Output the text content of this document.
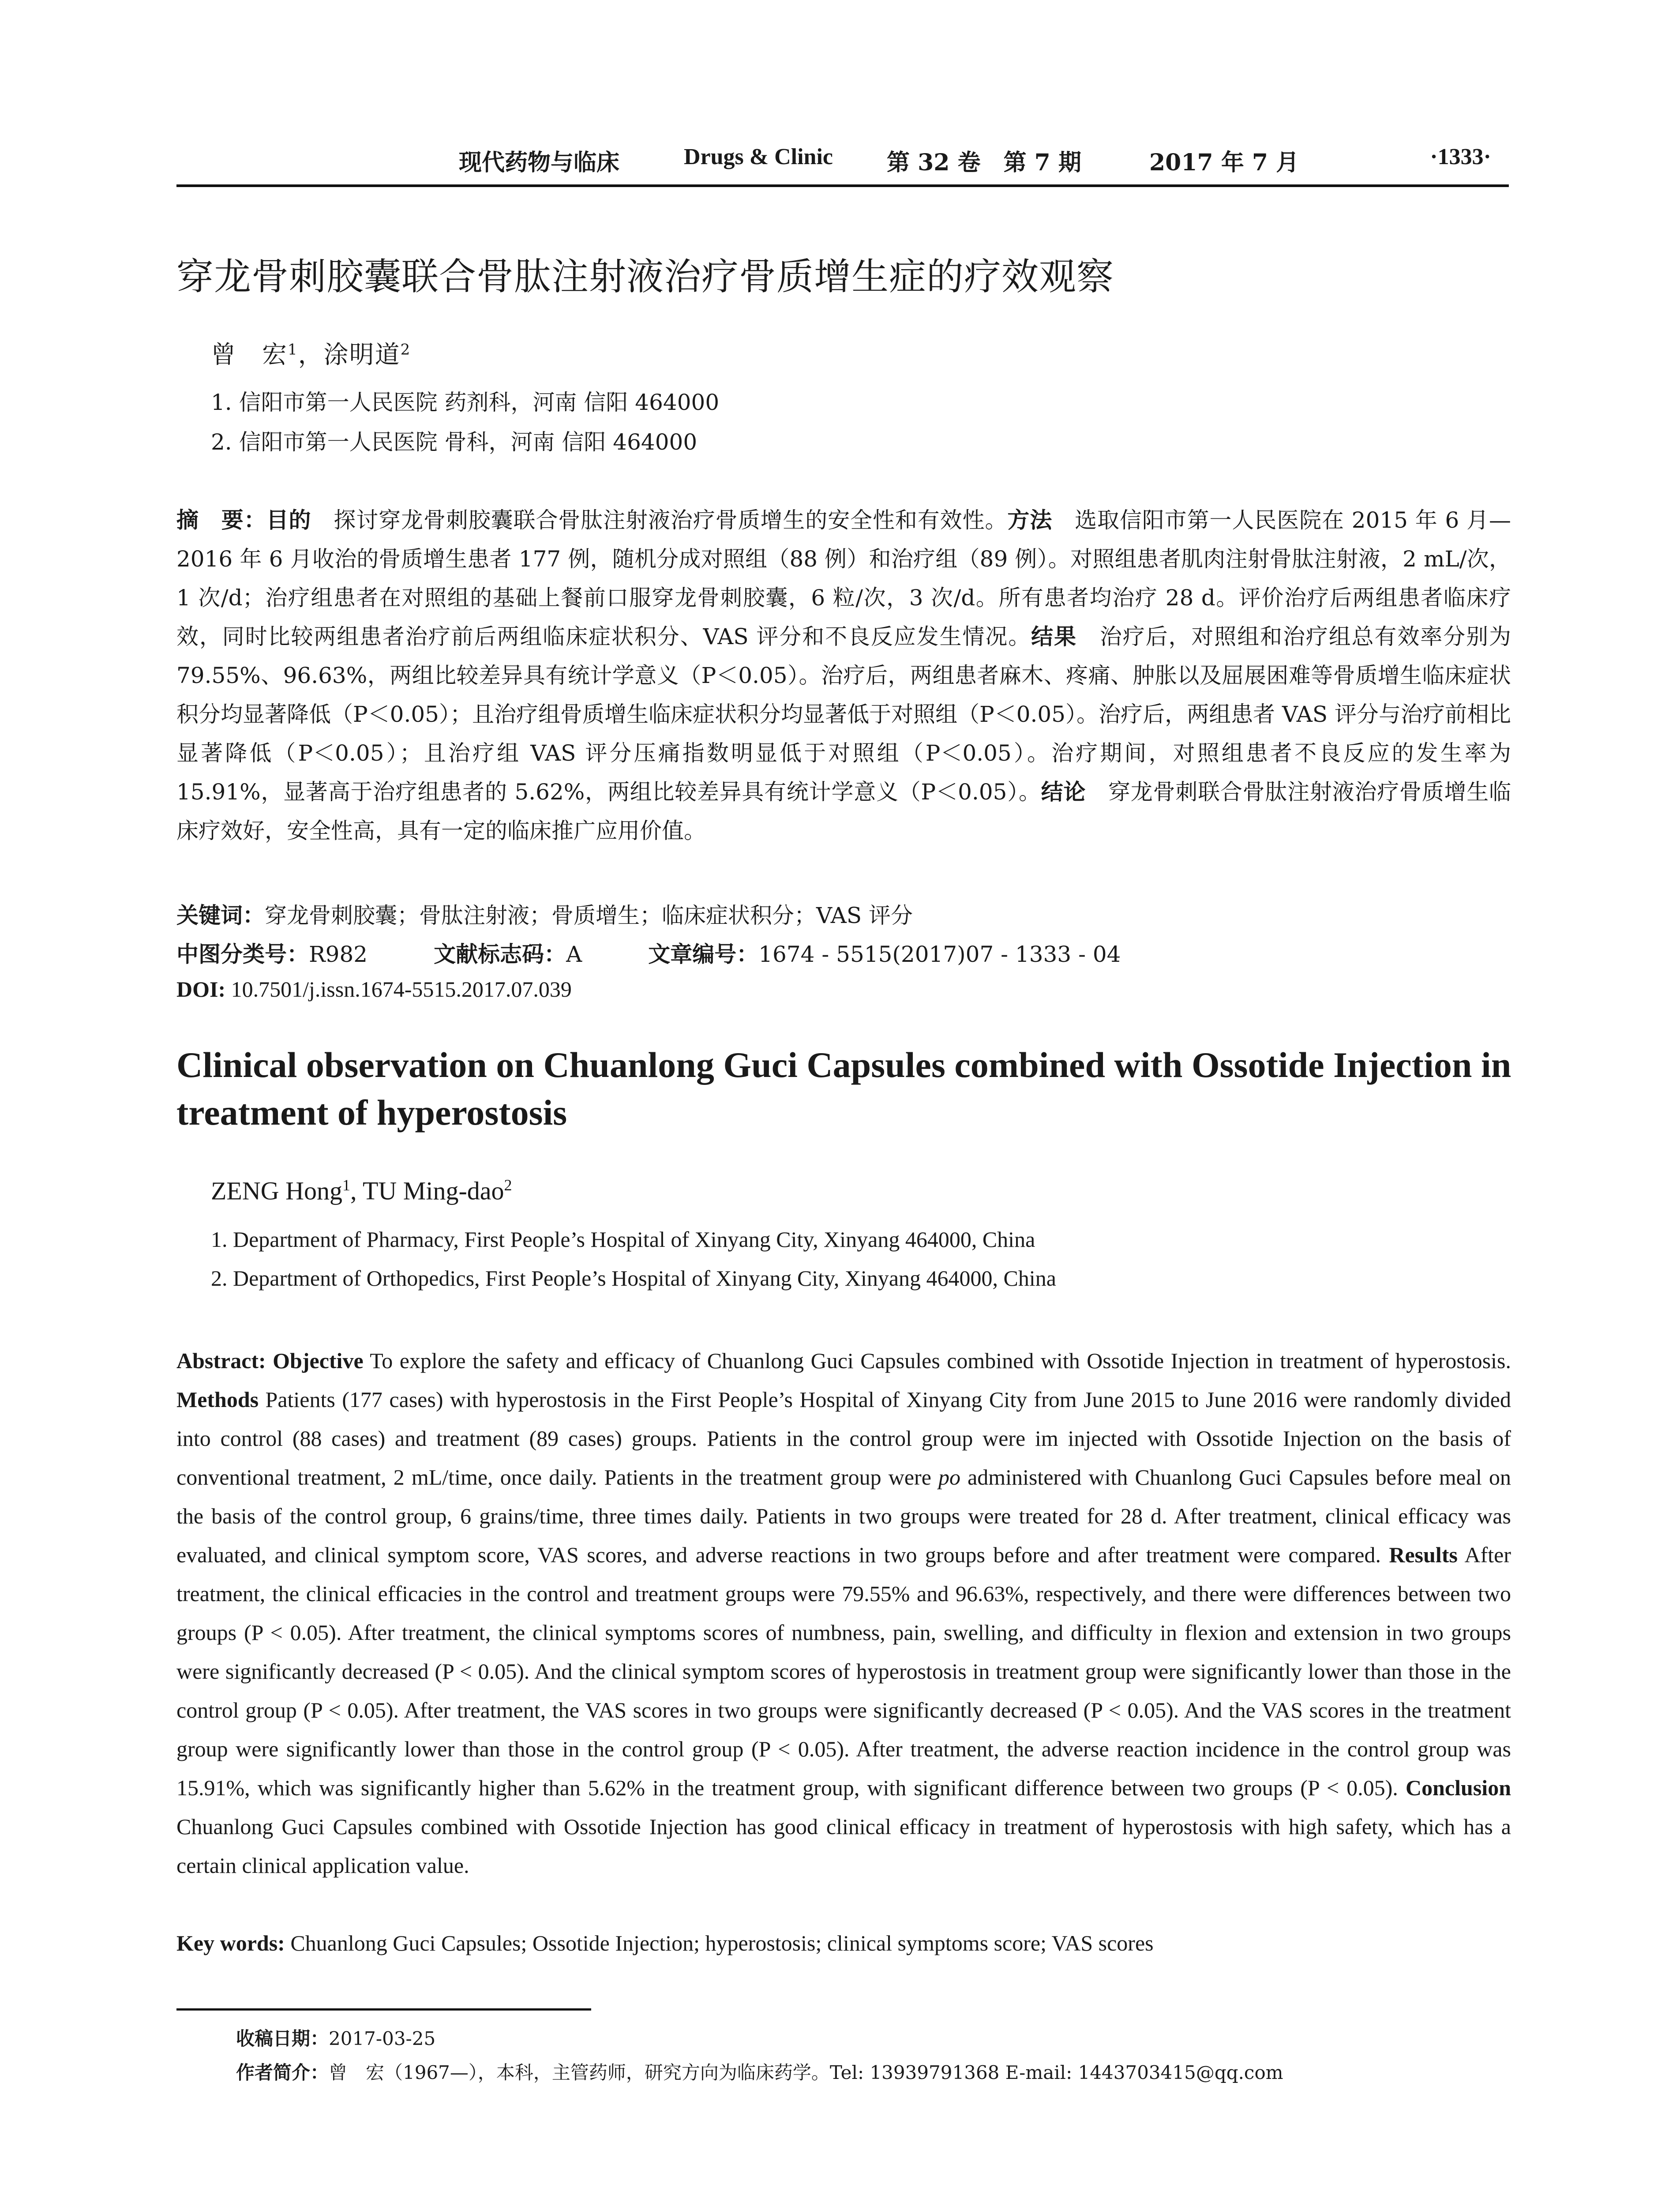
现代药物与临床	Drugs & Clinic 第 32 卷　第 7 期	2017 年 7 月	·1333·
穿龙骨刺胶囊联合骨肽注射液治疗骨质增生症的疗效观察
曾　宏$^1$，涂明道$^2$
1. 信阳市第一人民医院 药剂科，河南 信阳 464000
2. 信阳市第一人民医院 骨科，河南 信阳 464000
摘　要：目的　探讨穿龙骨刺胶囊联合骨肽注射液治疗骨质增生的安全性和有效性。方法　选取信阳市第一人民医院在 2015 年 6 月—2016 年 6 月收治的骨质增生患者 177 例，随机分成对照组（88 例）和治疗组（89 例）。对照组患者肌肉注射骨肽注射液，2 mL/次，1 次/d；治疗组患者在对照组的基础上餐前口服穿龙骨刺胶囊，6 粒/次，3 次/d。所有患者均治疗 28 d。评价治疗后两组患者临床疗效，同时比较两组患者治疗前后两组临床症状积分、VAS 评分和不良反应发生情况。结果　治疗后，对照组和治疗组总有效率分别为 79.55%、96.63%，两组比较差异具有统计学意义（P＜0.05）。治疗后，两组患者麻木、疼痛、肿胀以及屈展困难等骨质增生临床症状积分均显著降低（P＜0.05）；且治疗组骨质增生临床症状积分均显著低于对照组（P＜0.05）。治疗后，两组患者 VAS 评分与治疗前相比显著降低（P＜0.05）；且治疗组 VAS 评分压痛指数明显低于对照组（P＜0.05）。治疗期间，对照组患者不良反应的发生率为 15.91%，显著高于治疗组患者的 5.62%，两组比较差异具有统计学意义（P＜0.05）。结论　穿龙骨刺联合骨肽注射液治疗骨质增生临床疗效好，安全性高，具有一定的临床推广应用价值。
关键词：穿龙骨刺胶囊；骨肽注射液；骨质增生；临床症状积分；VAS 评分
中图分类号：R982	文献标志码：A	文章编号：1674 - 5515(2017)07 - 1333 - 04
DOI: 10.7501/j.issn.1674-5515.2017.07.039
Clinical observation on Chuanlong Guci Capsules combined with Ossotide Injection in treatment of hyperostosis
ZENG Hong$^1$, TU Ming-dao$^2$
1. Department of Pharmacy, First People’s Hospital of Xinyang City, Xinyang 464000, China
2. Department of Orthopedics, First People’s Hospital of Xinyang City, Xinyang 464000, China
Abstract: Objective To explore the safety and efficacy of Chuanlong Guci Capsules combined with Ossotide Injection in treatment of hyperostosis. Methods Patients (177 cases) with hyperostosis in the First People’s Hospital of Xinyang City from June 2015 to June 2016 were randomly divided into control (88 cases) and treatment (89 cases) groups. Patients in the control group were im injected with Ossotide Injection on the basis of conventional treatment, 2 mL/time, once daily. Patients in the treatment group were po administered with Chuanlong Guci Capsules before meal on the basis of the control group, 6 grains/time, three times daily. Patients in two groups were treated for 28 d. After treatment, clinical efficacy was evaluated, and clinical symptom score, VAS scores, and adverse reactions in two groups before and after treatment were compared. Results After treatment, the clinical efficacies in the control and treatment groups were 79.55% and 96.63%, respectively, and there were differences between two groups (P < 0.05). After treatment, the clinical symptoms scores of numbness, pain, swelling, and difficulty in flexion and extension in two groups were significantly decreased (P < 0.05). And the clinical symptom scores of hyperostosis in treatment group were significantly lower than those in the control group (P < 0.05). After treatment, the VAS scores in two groups were significantly decreased (P < 0.05). And the VAS scores in the treatment group were significantly lower than those in the control group (P < 0.05). After treatment, the adverse reaction incidence in the control group was 15.91%, which was significantly higher than 5.62% in the treatment group, with significant difference between two groups (P < 0.05). Conclusion Chuanlong Guci Capsules combined with Ossotide Injection has good clinical efficacy in treatment of hyperostosis with high safety, which has a certain clinical application value.
Key words: Chuanlong Guci Capsules; Ossotide Injection; hyperostosis; clinical symptoms score; VAS scores
收稿日期：2017-03-25
作者简介：曾　宏（1967—），本科，主管药师，研究方向为临床药学。Tel: 13939791368 E-mail: 1443703415@qq.com
